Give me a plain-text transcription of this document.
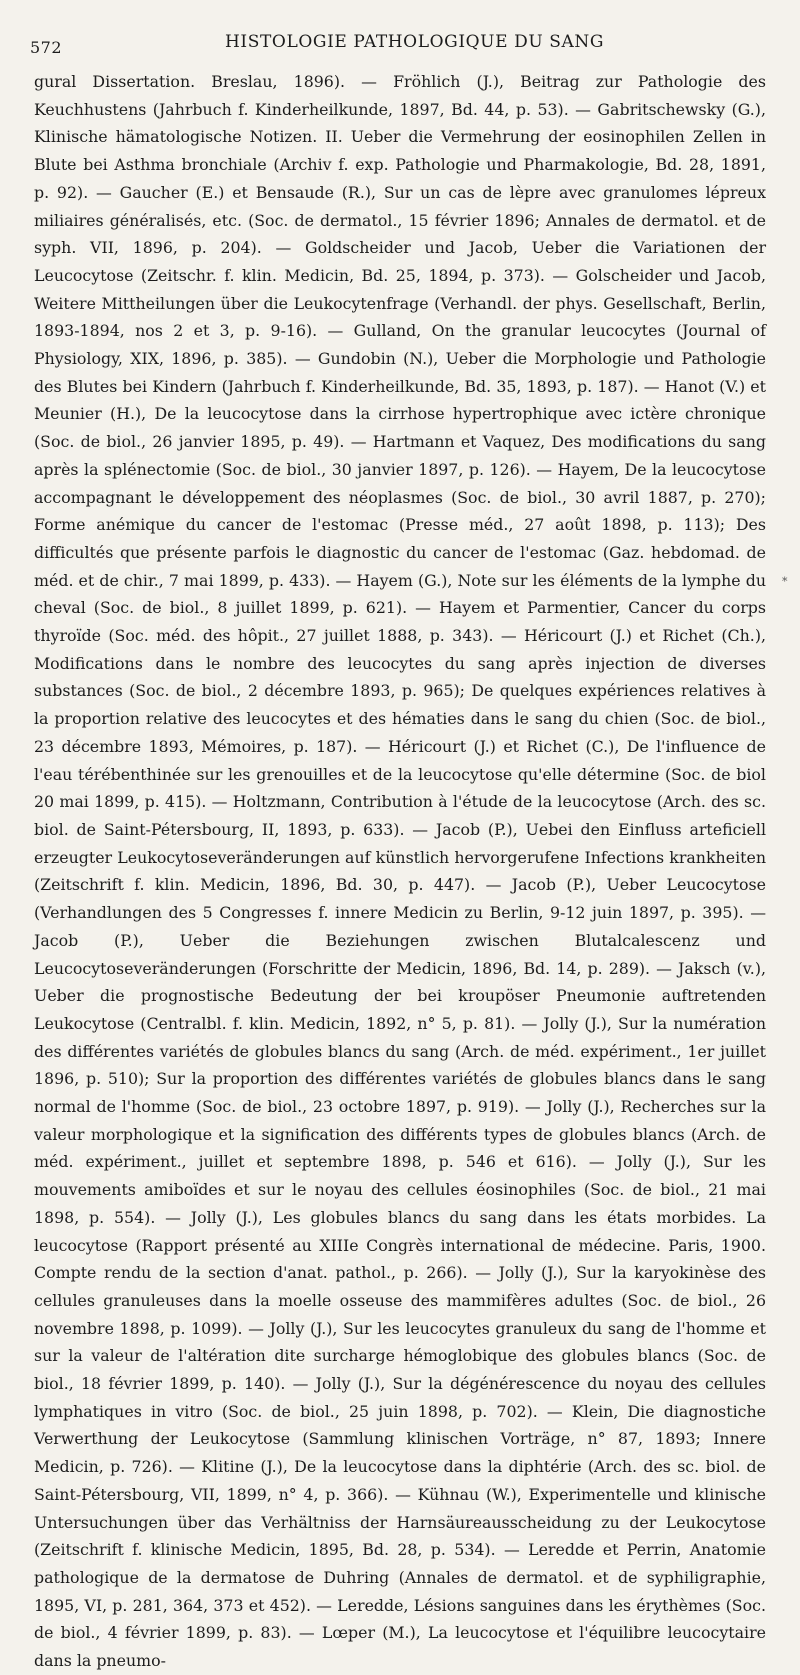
572	HISTOLOGIE PATHOLOGIQUE DU SANG

gural Dissertation. Breslau, 1896). — Fröhlich (J.), Beitrag zur Pathologie des Keuchhustens (Jahrbuch f. Kinderheilkunde, 1897, Bd. 44, p. 53). — Gabritschewsky (G.), Klinische hämatologische Notizen. II. Ueber die Vermehrung der eosinophilen Zellen in Blute bei Asthma bronchiale (Archiv f. exp. Pathologie und Pharmakologie, Bd. 28, 1891, p. 92). — Gaucher (E.) et Bensaude (R.), Sur un cas de lèpre avec granulomes lépreux miliaires généralisés, etc. (Soc. de dermatol., 15 février 1896; Annales de dermatol. et de syph. VII, 1896, p. 204). — Goldscheider und Jacob, Ueber die Variationen der Leucocytose (Zeitschr. f. klin. Medicin, Bd. 25, 1894, p. 373). — Golscheider und Jacob, Weitere Mittheilungen über die Leukocytenfrage (Verhandl. der phys. Gesellschaft, Berlin, 1893-1894, nos 2 et 3, p. 9-16). — Gulland, On the granular leucocytes (Journal of Physiology, XIX, 1896, p. 385). — Gundobin (N.), Ueber die Morphologie und Pathologie des Blutes bei Kindern (Jahrbuch f. Kinderheilkunde, Bd. 35, 1893, p. 187). — Hanot (V.) et Meunier (H.), De la leucocytose dans la cirrhose hypertrophique avec ictère chronique (Soc. de biol., 26 janvier 1895, p. 49). — Hartmann et Vaquez, Des modifications du sang après la splénectomie (Soc. de biol., 30 janvier 1897, p. 126). — Hayem, De la leucocytose accompagnant le développement des néoplasmes (Soc. de biol., 30 avril 1887, p. 270); Forme anémique du cancer de l'estomac (Presse méd., 27 août 1898, p. 113); Des difficultés que présente parfois le diagnostic du cancer de l'estomac (Gaz. hebdomad. de méd. et de chir., 7 mai 1899, p. 433). — Hayem (G.), Note sur les éléments de la lymphe du cheval (Soc. de biol., 8 juillet 1899, p. 621). — Hayem et Parmentier, Cancer du corps thyroïde (Soc. méd. des hôpit., 27 juillet 1888, p. 343). — Héricourt (J.) et Richet (Ch.), Modifications dans le nombre des leucocytes du sang après injection de diverses substances (Soc. de biol., 2 décembre 1893, p. 965); De quelques expériences relatives à la proportion relative des leucocytes et des hématies dans le sang du chien (Soc. de biol., 23 décembre 1893, Mémoires, p. 187). — Héricourt (J.) et Richet (C.), De l'influence de l'eau térébenthinée sur les grenouilles et de la leucocytose qu'elle détermine (Soc. de biol 20 mai 1899, p. 415). — Holtzmann, Contribution à l'étude de la leucocytose (Arch. des sc. biol. de Saint-Pétersbourg, II, 1893, p. 633). — Jacob (P.), Uebei den Einfluss arteficiell erzeugter Leukocytoseveränderungen auf künstlich hervorgerufene Infections krankheiten (Zeitschrift f. klin. Medicin, 1896, Bd. 30, p. 447). — Jacob (P.), Ueber Leucocytose (Verhandlungen des 5 Congresses f. innere Medicin zu Berlin, 9-12 juin 1897, p. 395). — Jacob (P.), Ueber die Beziehungen zwischen Blutalcalescenz und Leucocytoseveränderungen (Forschritte der Medicin, 1896, Bd. 14, p. 289). — Jaksch (v.), Ueber die prognostische Bedeutung der bei kroupöser Pneumonie auftretenden Leukocytose (Centralbl. f. klin. Medicin, 1892, n° 5, p. 81). — Jolly (J.), Sur la numération des différentes variétés de globules blancs du sang (Arch. de méd. expériment., 1er juillet 1896, p. 510); Sur la proportion des différentes variétés de globules blancs dans le sang normal de l'homme (Soc. de biol., 23 octobre 1897, p. 919). — Jolly (J.), Recherches sur la valeur morphologique et la signification des différents types de globules blancs (Arch. de méd. expériment., juillet et septembre 1898, p. 546 et 616). — Jolly (J.), Sur les mouvements amiboïdes et sur le noyau des cellules éosinophiles (Soc. de biol., 21 mai 1898, p. 554). — Jolly (J.), Les globules blancs du sang dans les états morbides. La leucocytose (Rapport présenté au XIIIe Congrès international de médecine. Paris, 1900. Compte rendu de la section d'anat. pathol., p. 266). — Jolly (J.), Sur la karyokinèse des cellules granuleuses dans la moelle osseuse des mammifères adultes (Soc. de biol., 26 novembre 1898, p. 1099). — Jolly (J.), Sur les leucocytes granuleux du sang de l'homme et sur la valeur de l'altération dite surcharge hémoglobique des globules blancs (Soc. de biol., 18 février 1899, p. 140). — Jolly (J.), Sur la dégénérescence du noyau des cellules lymphatiques in vitro (Soc. de biol., 25 juin 1898, p. 702). — Klein, Die diagnostiche Verwerthung der Leukocytose (Sammlung klinischen Vorträge, n° 87, 1893; Innere Medicin, p. 726). — Klitine (J.), De la leucocytose dans la diphtérie (Arch. des sc. biol. de Saint-Pétersbourg, VII, 1899, n° 4, p. 366). — Kühnau (W.), Experimentelle und klinische Untersuchungen über das Verhältniss der Harnsäureausscheidung zu der Leukocytose (Zeitschrift f. klinische Medicin, 1895, Bd. 28, p. 534). — Leredde et Perrin, Anatomie pathologique de la dermatose de Duhring (Annales de dermatol. et de syphiligraphie, 1895, VI, p. 281, 364, 373 et 452). — Leredde, Lésions sanguines dans les érythèmes (Soc. de biol., 4 février 1899, p. 83). — Lœper (M.), La leucocytose et l'équilibre leucocytaire dans la pneumo-

*
